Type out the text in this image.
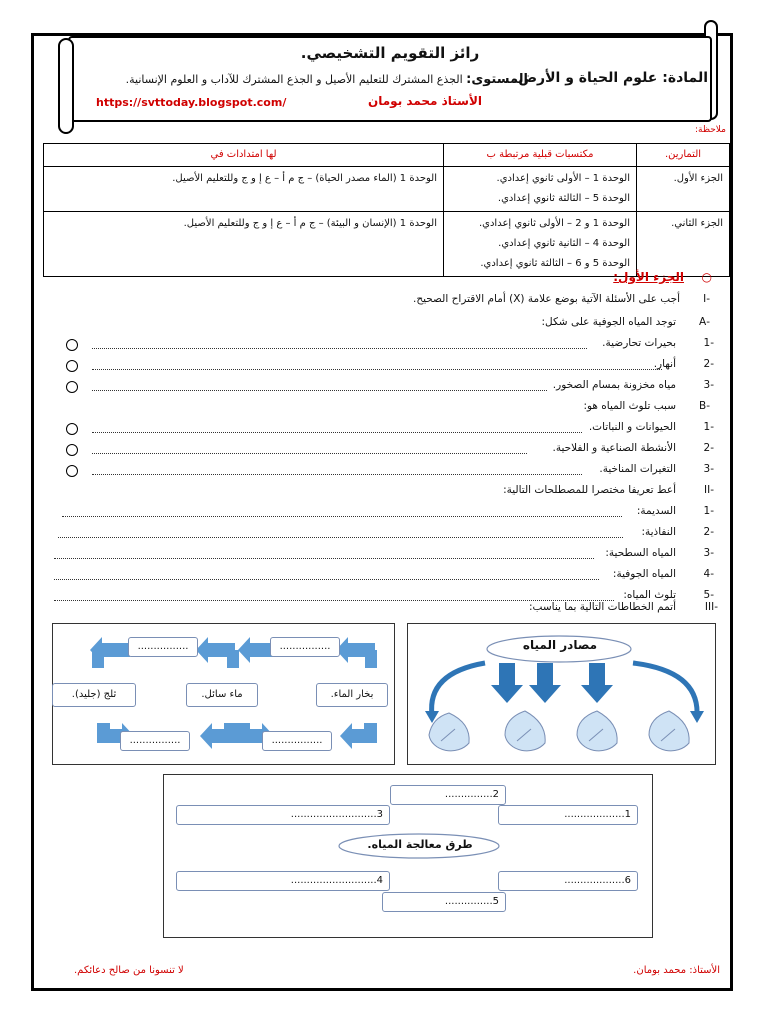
رائز التقويم التشخيصي.
المادة: علوم الحياة و الأرض.
المستوى: الجذع المشترك للتعليم الأصيل و الجذع المشترك للآداب و العلوم الإنسانية.
https://svttoday.blogspot.com/	الأستاذ محمد بومان
ملاحظة:
التمارين.	مكتسبات قبلية مرتبطة ب	لها امتدادات في
الجزء الأول.	الوحدة 1 – الأولى ثانوي إعدادي.
الوحدة 5 – الثالثة ثانوي إعدادي.	الوحدة 1 (الماء مصدر الحياة) – ج م أ – ع إ و ج وللتعليم الأصيل.
الجزء الثاني.	الوحدة 1 و 2 – الأولى ثانوي إعدادي.
الوحدة 4 – الثانية ثانوي إعدادي.
الوحدة 5 و 6 – الثالثة ثانوي إعدادي.	الوحدة 1 (الإنسان و البيئة) – ج م أ – ع إ و ج وللتعليم الأصيل.
○
الجزء الأول:
-I
أجب على الأسئلة الآتية بوضع علامة (X) أمام الاقتراح الصحيح.
-A
توجد المياه الجوفية على شكل:
-1
بحيرات تحارضية.
-2
أنهار.
-3
مياه مخزونة بمسام الصخور.
-B
سبب تلوث المياه هو:
-1
الحيوانات و النباتات.
-2
الأنشطة الصناعية و الفلاحية.
-3
التغيرات المناخية.
-II
أعط تعريفا مختصرا للمصطلحات التالية:
-1
السديمة:
-2
النفاذية:
-3
المياه السطحية:
-4
المياه الجوفية:
-5
تلوث المياه:
-III
أتمم الخطاطات التالية بما يناسب:
................	................
ثلج (جليد).	ماء سائل.	بخار الماء.
................	................
مصادر المياه
طرق معالجة المياه.
2...............
3...........................	1...................
4...........................	6...................
5...............
الأستاذ: محمد بومان.
لا تنسونا من صالح دعائكم.
